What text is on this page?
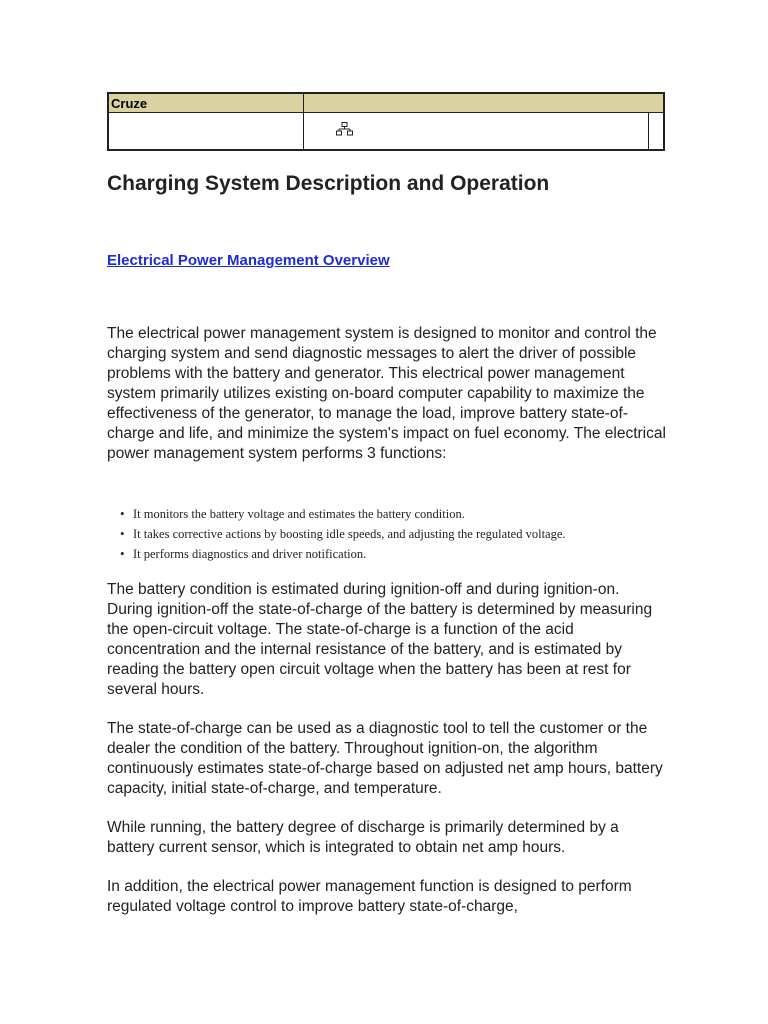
Cruze		

Charging System Description and Operation
Electrical Power Management Overview

The electrical power management system is designed to monitor and control the charging system and send diagnostic messages to alert the driver of possible problems with the battery and generator. This electrical power management system primarily utilizes existing on-board computer capability to maximize the effectiveness of the generator, to manage the load, improve battery state-of-charge and life, and minimize the system's impact on fuel economy. The electrical power management system performs 3 functions:

• It monitors the battery voltage and estimates the battery condition.
• It takes corrective actions by boosting idle speeds, and adjusting the regulated voltage.
• It performs diagnostics and driver notification.

The battery condition is estimated during ignition-off and during ignition-on. During ignition-off the state-of-charge of the battery is determined by measuring the open-circuit voltage. The state-of-charge is a function of the acid concentration and the internal resistance of the battery, and is estimated by reading the battery open circuit voltage when the battery has been at rest for several hours.

The state-of-charge can be used as a diagnostic tool to tell the customer or the dealer the condition of the battery. Throughout ignition-on, the algorithm continuously estimates state-of-charge based on adjusted net amp hours, battery capacity, initial state-of-charge, and temperature.

While running, the battery degree of discharge is primarily determined by a battery current sensor, which is integrated to obtain net amp hours.

In addition, the electrical power management function is designed to perform regulated voltage control to improve battery state-of-charge,
